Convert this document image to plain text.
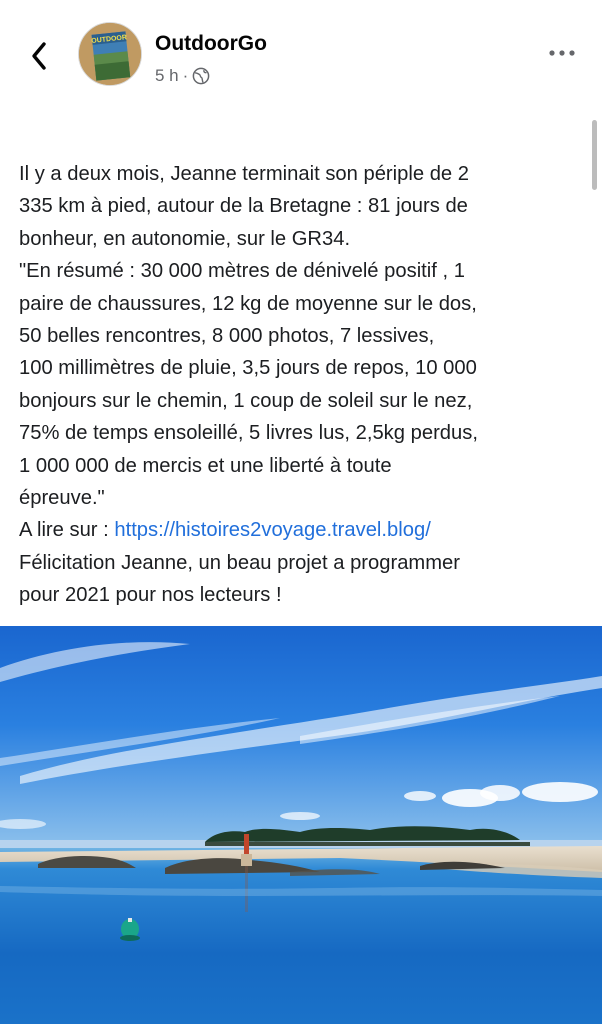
OUTDOOR OutdoorGo
5 h ·

Il y a deux mois, Jeanne terminait son périple de 2

335 km à pied, autour de la Bretagne : 81 jours de

bonheur, en autonomie, sur le GR34.

"En résumé : 30 000 mètres de dénivelé positif , 1

paire de chaussures, 12 kg de moyenne sur le dos,

50 belles rencontres, 8 000 photos, 7 lessives,

100 millimètres de pluie, 3,5 jours de repos, 10 000

bonjours sur le chemin, 1 coup de soleil sur le nez,

75% de temps ensoleillé, 5 livres lus, 2,5kg perdus,

1 000 000 de mercis et une liberté à toute

épreuve."

A lire sur : https://histoires2voyage.travel.blog/

Félicitation Jeanne, un beau projet a programmer

pour 2021 pour nos lecteurs !
